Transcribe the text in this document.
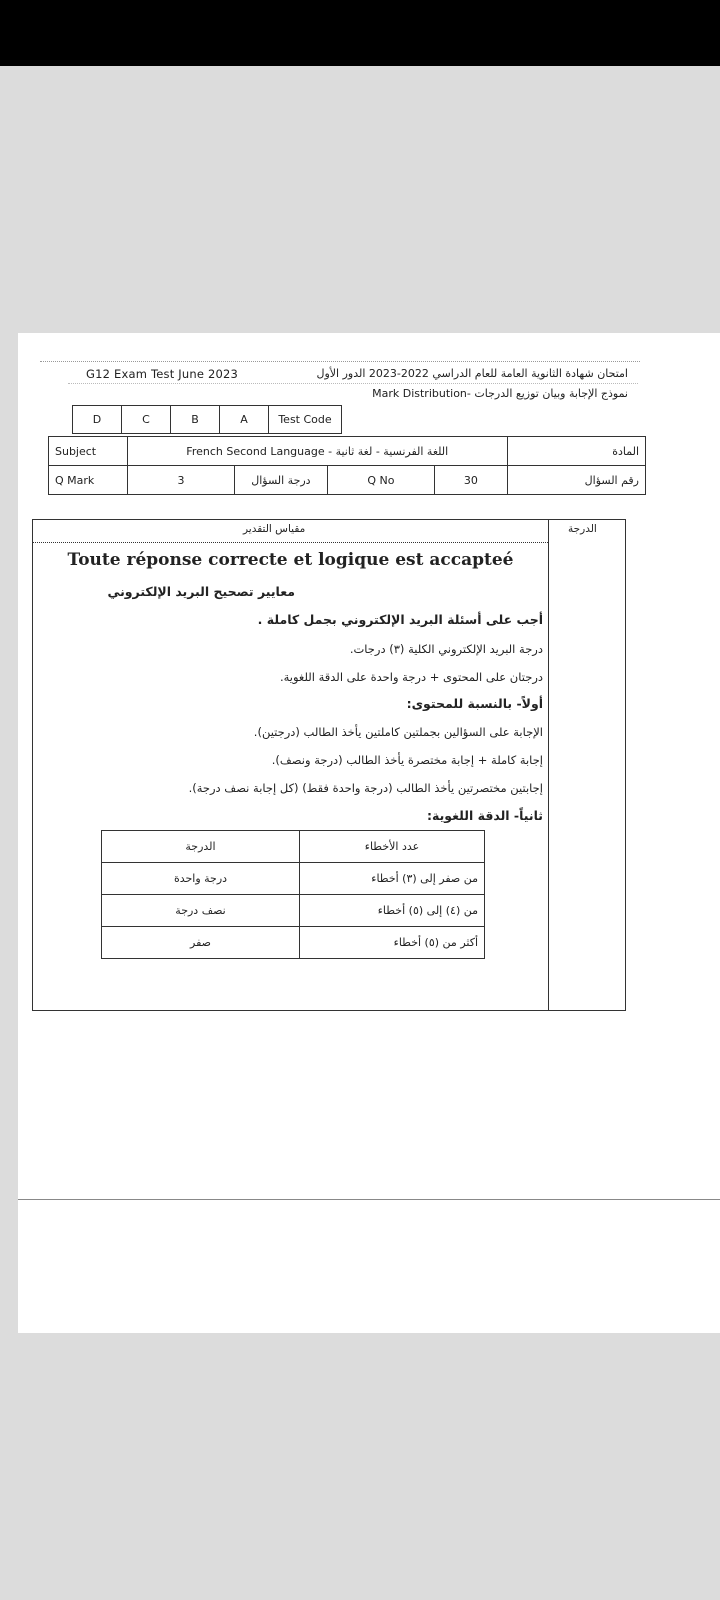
G12 Exam Test June 2023	امتحان شهادة الثانوية العامة للعام الدراسي 2022-2023 الدور الأول
نموذج الإجابة وبيان توزيع الدرجات -Mark Distribution
D	C	B	A	Test Code
Subject	French Second Language - اللغة الفرنسية - لغة ثانية				المادة
Q Mark	3	درجة السؤال	Q No	30	رقم السؤال
مقياس التقدير	الدرجة
Toute réponse correcte et logique est accapteé
معايير تصحيح البريد الإلكتروني
أجب على أسئلة البريد الإلكتروني بجمل كاملة .
درجة البريد الإلكتروني الكلية (٣) درجات.
درجتان على المحتوى + درجة واحدة على الدقة اللغوية.
أولاً- بالنسبة للمحتوى:
الإجابة على السؤالين بجملتين كاملتين يأخذ الطالب (درجتين).
إجابة كاملة + إجابة مختصرة يأخذ الطالب (درجة ونصف).
إجابتين مختصرتين يأخذ الطالب (درجة واحدة فقط) (كل إجابة نصف درجة).
ثانياً- الدقة اللغوية:
الدرجة	عدد الأخطاء
درجة واحدة	من صفر إلى (٣) أخطاء
نصف درجة	من (٤) إلى (٥) أخطاء
صفر	أكثر من (٥) أخطاء
